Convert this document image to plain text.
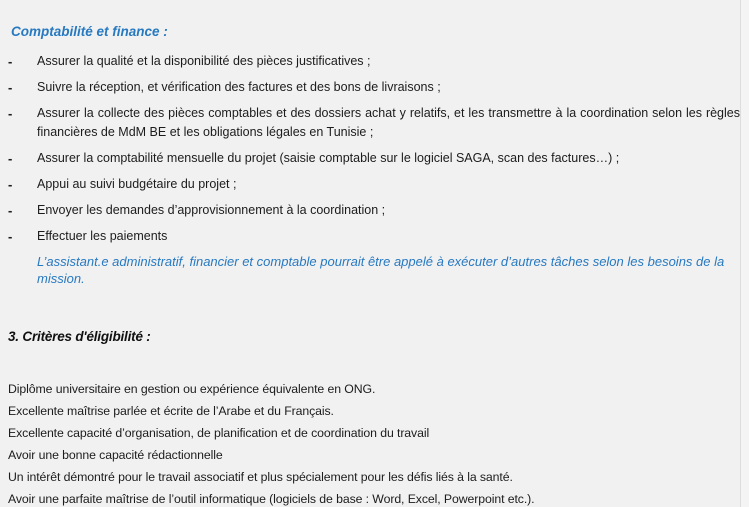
Comptabilité et finance :
- Assurer la qualité et la disponibilité des pièces justificatives ;
- Suivre la réception, et vérification des factures et des bons de livraisons ;
- Assurer la collecte des pièces comptables et des dossiers achat y relatifs, et les transmettre à la coordination selon les règles financières de MdM BE et les obligations légales en Tunisie ;
- Assurer la comptabilité mensuelle du projet (saisie comptable sur le logiciel SAGA, scan des factures…) ;
- Appui au suivi budgétaire du projet ;
- Envoyer les demandes d’approvisionnement à la coordination ;
- Effectuer les paiements

L’assistant.e administratif, financier et comptable pourrait être appelé à exécuter d’autres tâches selon les besoins de la mission.

3. Critères d'éligibilité :

Diplôme universitaire en gestion ou expérience équivalente en ONG.

Excellente maîtrise parlée et écrite de l’Arabe et du Français.

Excellente capacité d’organisation, de planification et de coordination du travail

Avoir une bonne capacité rédactionnelle

Un intérêt démontré pour le travail associatif et plus spécialement pour les défis liés à la santé.

Avoir une parfaite maîtrise de l’outil informatique (logiciels de base : Word, Excel, Powerpoint etc.).
